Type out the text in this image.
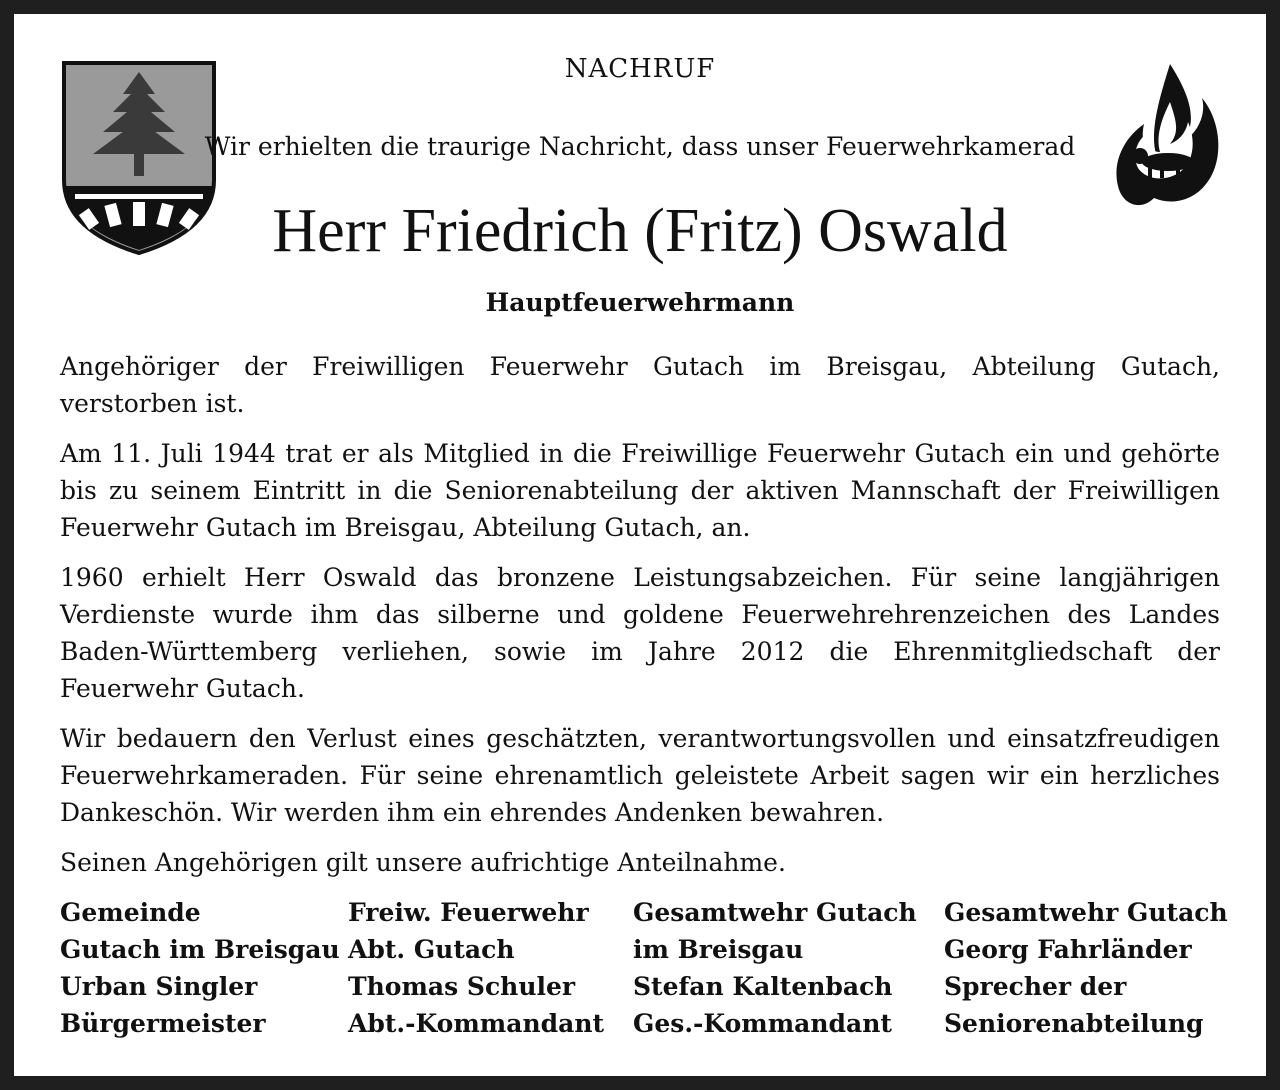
NACHRUF
Wir erhielten die traurige Nachricht, dass unser Feuerwehrkamerad
Herr Friedrich (Fritz) Oswald
Hauptfeuerwehrmann

Angehöriger der Freiwilligen Feuerwehr Gutach im Breisgau, Abteilung Gutach, verstorben ist.

Am 11. Juli 1944 trat er als Mitglied in die Freiwillige Feuerwehr Gutach ein und gehörte bis zu seinem Eintritt in die Seniorenabteilung der aktiven Mannschaft der Freiwilligen Feuerwehr Gutach im Breisgau, Abteilung Gutach, an.

1960 erhielt Herr Oswald das bronzene Leistungsabzeichen. Für seine langjährigen Verdienste wurde ihm das silberne und goldene Feuerwehrehrenzeichen des Landes Baden-Württemberg verliehen, sowie im Jahre 2012 die Ehrenmitgliedschaft der Feuerwehr Gutach.

Wir bedauern den Verlust eines geschätzten, verantwortungsvollen und einsatzfreudigen Feuerwehrkameraden. Für seine ehrenamtlich geleistete Arbeit sagen wir ein herzliches Dankeschön. Wir werden ihm ein ehrendes Andenken bewahren.

Seinen Angehörigen gilt unsere aufrichtige Anteilnahme.

Gemeinde
Gutach im Breisgau
Urban Singler
Bürgermeister
Freiw. Feuerwehr
Abt. Gutach
Thomas Schuler
Abt.-Kommandant
Gesamtwehr Gutach
im Breisgau
Stefan Kaltenbach
Ges.-Kommandant
Gesamtwehr Gutach
Georg Fahrländer
Sprecher der
Seniorenabteilung
